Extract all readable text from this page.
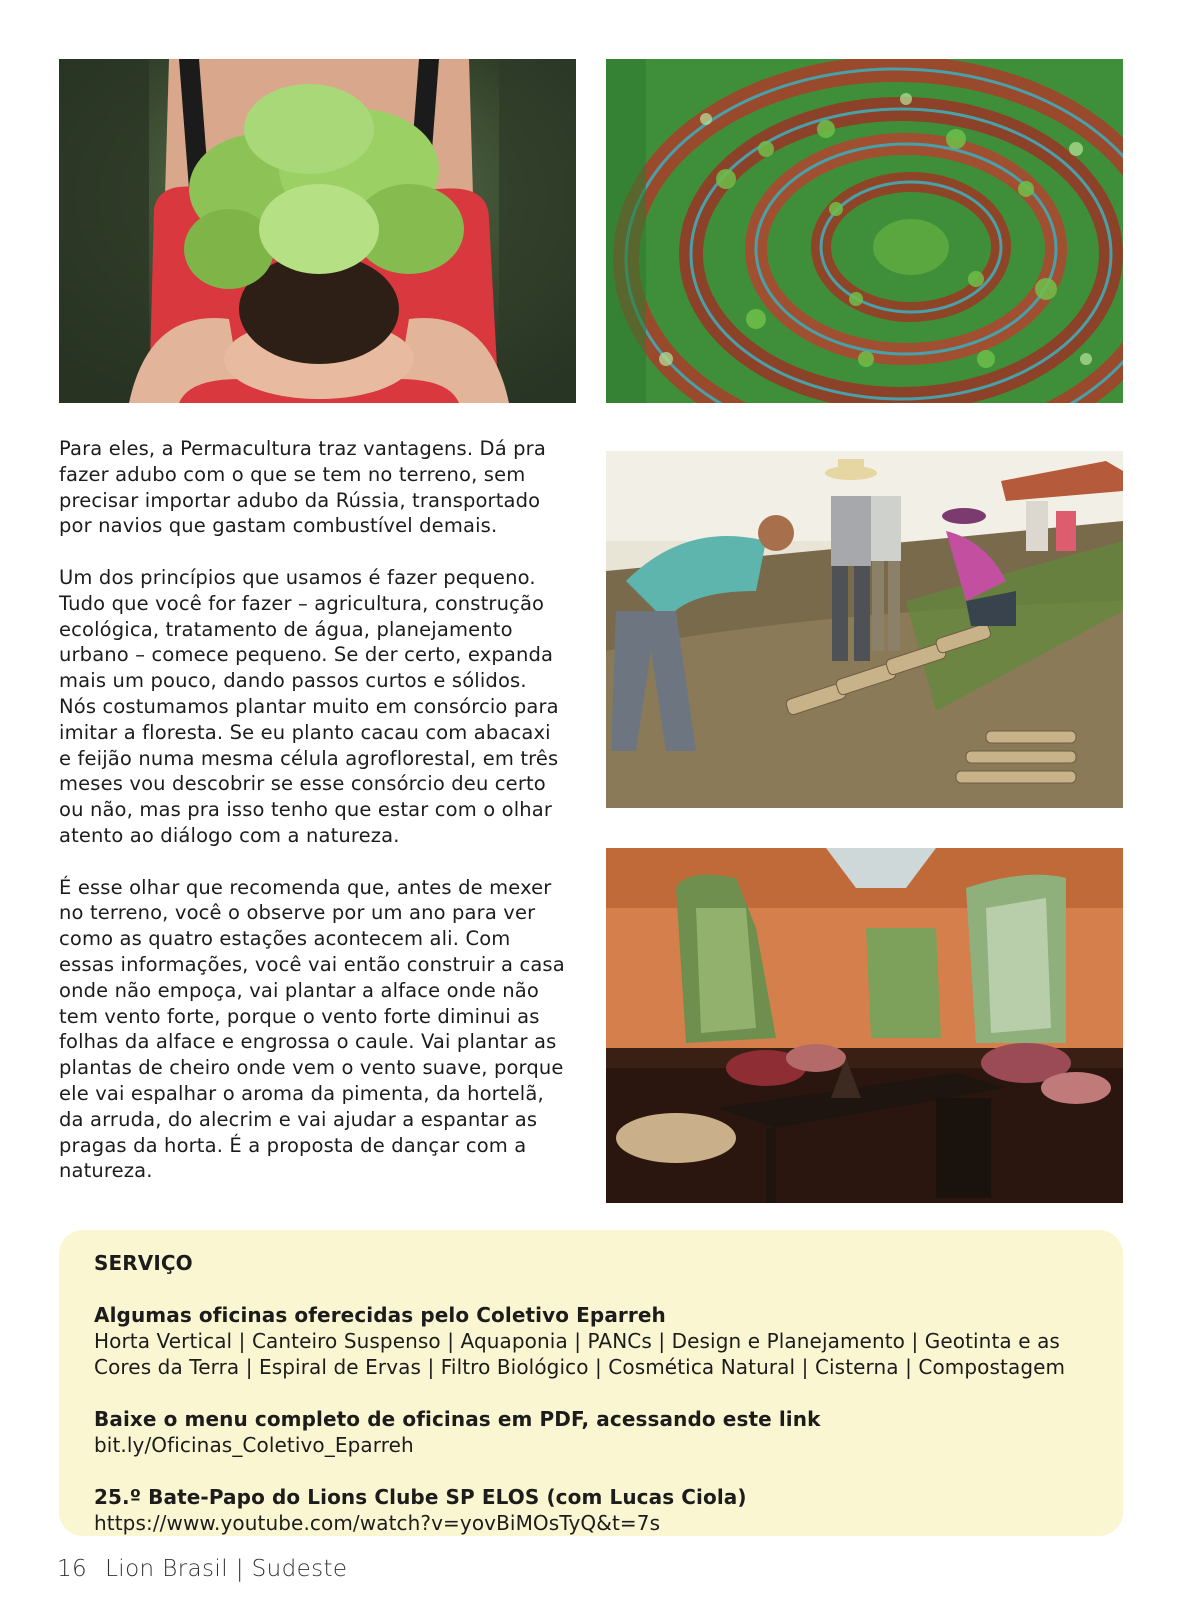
Para eles, a Permacultura traz vantagens. Dá pra fazer adubo com o que se tem no terreno, sem precisar importar adubo da Rússia, transportado por navios que gastam combustível demais.

Um dos princípios que usamos é fazer pequeno. Tudo que você for fazer – agricultura, construção ecológica, tratamento de água, planejamento urbano – comece pequeno. Se der certo, expanda mais um pouco, dando passos curtos e sólidos. Nós costumamos plantar muito em consórcio para imitar a floresta. Se eu planto cacau com abacaxi e feijão numa mesma célula agroflorestal, em três meses vou descobrir se esse consórcio deu certo ou não, mas pra isso tenho que estar com o olhar atento ao diálogo com a natureza.

É esse olhar que recomenda que, antes de mexer no terreno, você o observe por um ano para ver como as quatro estações acontecem ali. Com essas informações, você vai então construir a casa onde não empoça, vai plantar a alface onde não tem vento forte, porque o vento forte diminui as folhas da alface e engrossa o caule. Vai plantar as plantas de cheiro onde vem o vento suave, porque ele vai espalhar o aroma da pimenta, da hortelã, da arruda, do alecrim e vai ajudar a espantar as pragas da horta. É a proposta de dançar com a natureza.

SERVIÇO
Algumas oficinas oferecidas pelo Coletivo Eparreh
Horta Vertical | Canteiro Suspenso | Aquaponia | PANCs | Design e Planejamento | Geotinta e as Cores da Terra | Espiral de Ervas | Filtro Biológico | Cosmética Natural | Cisterna | Compostagem
Baixe o menu completo de oficinas em PDF, acessando este link
bit.ly/Oficinas_Coletivo_Eparreh
25.º Bate-Papo do Lions Clube SP ELOS (com Lucas Ciola)
https://www.youtube.com/watch?v=yovBiMOsTyQ&t=7s
16 Lion Brasil | Sudeste
